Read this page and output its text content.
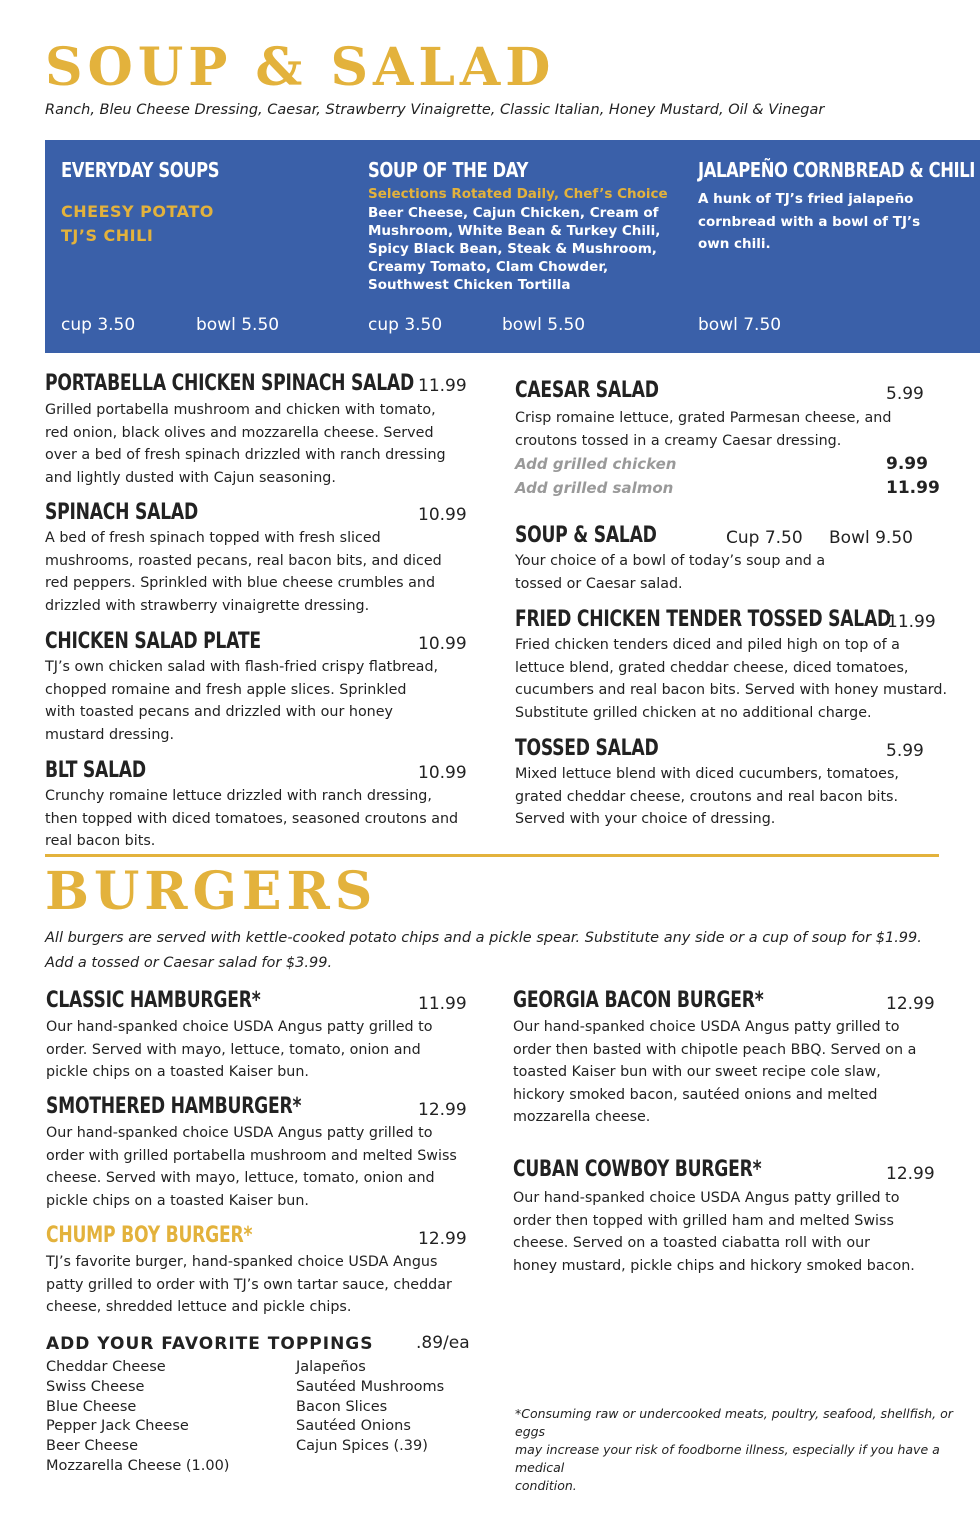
SOUP & SALAD
Ranch, Bleu Cheese Dressing, Caesar, Strawberry Vinaigrette, Classic Italian, Honey Mustard, Oil & Vinegar
EVERYDAY SOUPS
CHEESY POTATO
TJ’S CHILI
cup 3.50	bowl 5.50
SOUP OF THE DAY
Selections Rotated Daily, Chef’s Choice
Beer Cheese, Cajun Chicken, Cream of
Mushroom, White Bean & Turkey Chili,
Spicy Black Bean, Steak & Mushroom,
Creamy Tomato, Clam Chowder,
Southwest Chicken Tortilla
cup 3.50	bowl 5.50
JALAPEÑO CORNBREAD & CHILI
A hunk of TJ’s fried jalapeño
cornbread with a bowl of TJ’s
own chili.
bowl 7.50
PORTABELLA CHICKEN SPINACH SALAD 11.99
Grilled portabella mushroom and chicken with tomato,
red onion, black olives and mozzarella cheese. Served
over a bed of fresh spinach drizzled with ranch dressing
and lightly dusted with Cajun seasoning.
SPINACH SALAD	10.99
A bed of fresh spinach topped with fresh sliced
mushrooms, roasted pecans, real bacon bits, and diced
red peppers. Sprinkled with blue cheese crumbles and
drizzled with strawberry vinaigrette dressing.
CHICKEN SALAD PLATE	10.99
TJ’s own chicken salad with flash-fried crispy flatbread,
chopped romaine and fresh apple slices. Sprinkled
with toasted pecans and drizzled with our honey
mustard dressing.
BLT SALAD	10.99
Crunchy romaine lettuce drizzled with ranch dressing,
then topped with diced tomatoes, seasoned croutons and
real bacon bits.
CAESAR SALAD	5.99
Crisp romaine lettuce, grated Parmesan cheese, and
croutons tossed in a creamy Caesar dressing.
Add grilled chicken	9.99
Add grilled salmon	11.99
SOUP & SALAD	Cup 7.50 Bowl 9.50
Your choice of a bowl of today’s soup and a
tossed or Caesar salad.
FRIED CHICKEN TENDER TOSSED SALAD
11.99
Fried chicken tenders diced and piled high on top of a
lettuce blend, grated cheddar cheese, diced tomatoes,
cucumbers and real bacon bits. Served with honey mustard.
Substitute grilled chicken at no additional charge.
TOSSED SALAD	5.99
Mixed lettuce blend with diced cucumbers, tomatoes,
grated cheddar cheese, croutons and real bacon bits.
Served with your choice of dressing.
BURGERS
All burgers are served with kettle-cooked potato chips and a pickle spear. Substitute any side or a cup of soup for $1.99.
Add a tossed or Caesar salad for $3.99.
CLASSIC HAMBURGER*	11.99
Our hand-spanked choice USDA Angus patty grilled to
order. Served with mayo, lettuce, tomato, onion and
pickle chips on a toasted Kaiser bun.
SMOTHERED HAMBURGER*	12.99
Our hand-spanked choice USDA Angus patty grilled to
order with grilled portabella mushroom and melted Swiss
cheese. Served with mayo, lettuce, tomato, onion and
pickle chips on a toasted Kaiser bun.
CHUMP BOY BURGER*	12.99
TJ’s favorite burger, hand-spanked choice USDA Angus
patty grilled to order with TJ’s own tartar sauce, cheddar
cheese, shredded lettuce and pickle chips.
GEORGIA BACON BURGER*	12.99
Our hand-spanked choice USDA Angus patty grilled to
order then basted with chipotle peach BBQ. Served on a
toasted Kaiser bun with our sweet recipe cole slaw,
hickory smoked bacon, sautéed onions and melted
mozzarella cheese.
CUBAN COWBOY BURGER*	12.99
Our hand-spanked choice USDA Angus patty grilled to
order then topped with grilled ham and melted Swiss
cheese. Served on a toasted ciabatta roll with our
honey mustard, pickle chips and hickory smoked bacon.
ADD YOUR FAVORITE TOPPINGS .89/ea
Cheddar Cheese
Swiss Cheese
Blue Cheese
Pepper Jack Cheese
Beer Cheese
Mozzarella Cheese (1.00)
Jalapeños
Sautéed Mushrooms
Bacon Slices
Sautéed Onions
Cajun Spices (.39)
*Consuming raw or undercooked meats, poultry, seafood, shellfish, or eggs
may increase your risk of foodborne illness, especially if you have a medical
condition.
